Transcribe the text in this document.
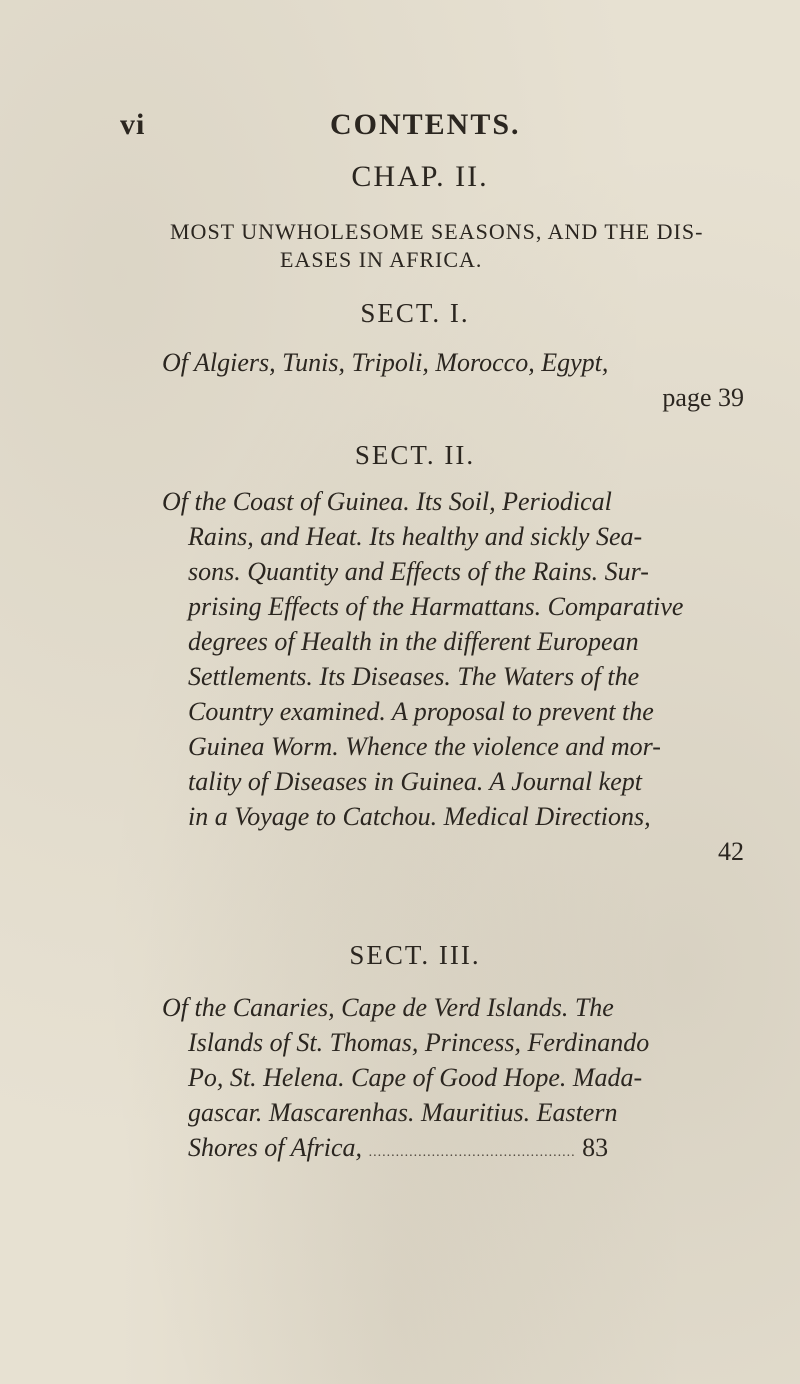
vi	CONTENTS.
CHAP. II.
MOST UNWHOLESOME SEASONS, AND THE DIS-
EASES IN AFRICA.
SECT. I.
Of Algiers, Tunis, Tripoli, Morocco, Egypt,
page 39
SECT. II.
Of the Coast of Guinea. Its Soil, Periodical
Rains, and Heat. Its healthy and sickly Sea-
sons. Quantity and Effects of the Rains. Sur-
prising Effects of the Harmattans. Comparative
degrees of Health in the different European
Settlements. Its Diseases. The Waters of the
Country examined. A proposal to prevent the
Guinea Worm. Whence the violence and mor-
tality of Diseases in Guinea. A Journal kept
in a Voyage to Catchou. Medical Directions,
42
SECT. III.
Of the Canaries, Cape de Verd Islands. The
Islands of St. Thomas, Princess, Ferdinando
Po, St. Helena. Cape of Good Hope. Mada-
gascar. Mascarenhas. Mauritius. Eastern
Shores of Africa, .............................................. 83
